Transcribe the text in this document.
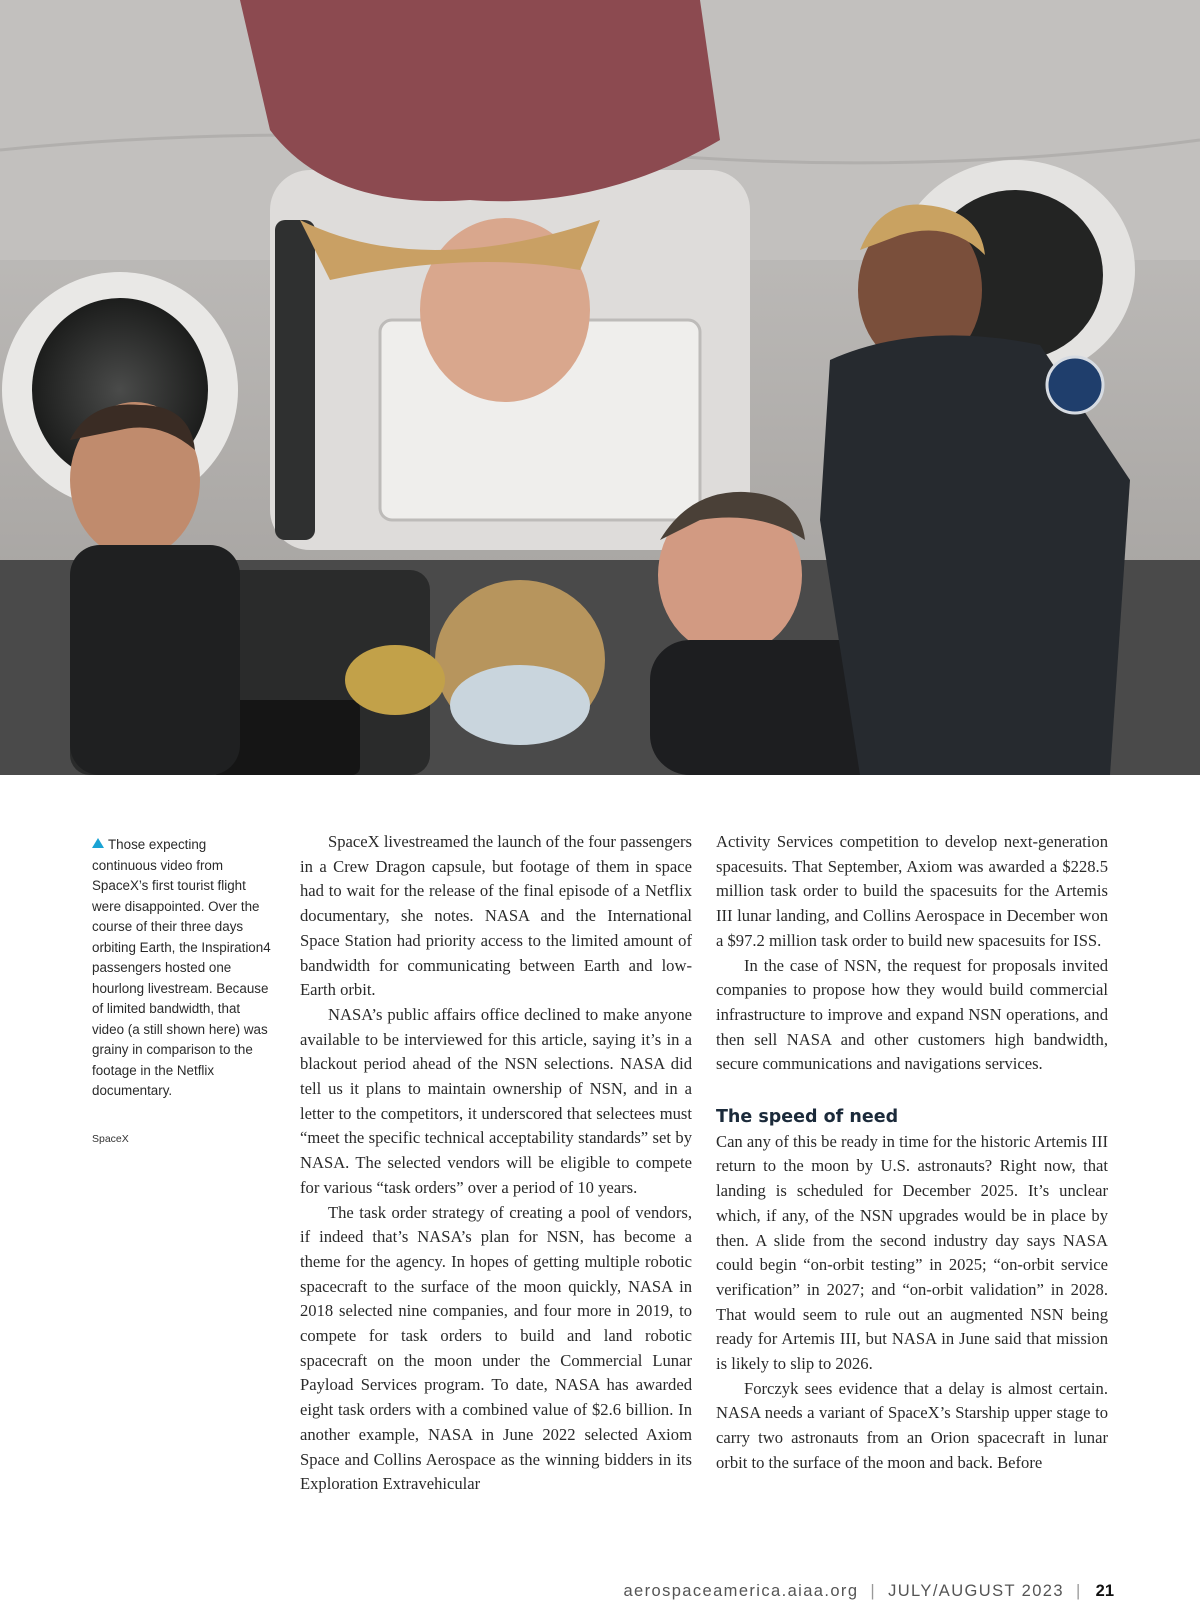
Those expecting continuous video from SpaceX’s first tourist flight were disappointed. Over the course of their three days orbiting Earth, the Inspiration4 passengers hosted one hourlong livestream. Because of limited bandwidth, that video (a still shown here) was grainy in comparison to the footage in the Netflix documentary.
SpaceX

SpaceX livestreamed the launch of the four passengers in a Crew Dragon capsule, but footage of them in space had to wait for the release of the final episode of a Netflix documentary, she notes. NASA and the International Space Station had priority access to the limited amount of bandwidth for communicating between Earth and low-Earth orbit.

NASA’s public affairs office declined to make anyone available to be interviewed for this article, saying it’s in a blackout period ahead of the NSN selections. NASA did tell us it plans to maintain ownership of NSN, and in a letter to the competitors, it underscored that selectees must “meet the specific technical acceptability standards” set by NASA. The selected vendors will be eligible to compete for various “task orders” over a period of 10 years.

The task order strategy of creating a pool of vendors, if indeed that’s NASA’s plan for NSN, has become a theme for the agency. In hopes of getting multiple robotic spacecraft to the surface of the moon quickly, NASA in 2018 selected nine companies, and four more in 2019, to compete for task orders to build and land robotic spacecraft on the moon under the Commercial Lunar Payload Services program. To date, NASA has awarded eight task orders with a combined value of $2.6 billion. In another example, NASA in June 2022 selected Axiom Space and Collins Aerospace as the winning bidders in its Exploration Extravehicular

Activity Services competition to develop next-generation spacesuits. That September, Axiom was awarded a $228.5 million task order to build the spacesuits for the Artemis III lunar landing, and Collins Aerospace in December won a $97.2 million task order to build new spacesuits for ISS.

In the case of NSN, the request for proposals invited companies to propose how they would build commercial infrastructure to improve and expand NSN operations, and then sell NASA and other customers high bandwidth, secure communications and navigations services.

The speed of need

Can any of this be ready in time for the historic Artemis III return to the moon by U.S. astronauts? Right now, that landing is scheduled for December 2025. It’s unclear which, if any, of the NSN upgrades would be in place by then. A slide from the second industry day says NASA could begin “on-orbit testing” in 2025; “on-orbit service verification” in 2027; and “on-orbit validation” in 2028. That would seem to rule out an augmented NSN being ready for Artemis III, but NASA in June said that mission is likely to slip to 2026.

Forczyk sees evidence that a delay is almost certain. NASA needs a variant of SpaceX’s Starship upper stage to carry two astronauts from an Orion spacecraft in lunar orbit to the surface of the moon and back. Before

aerospaceamerica.aiaa.org | JULY/AUGUST 2023 | 21
